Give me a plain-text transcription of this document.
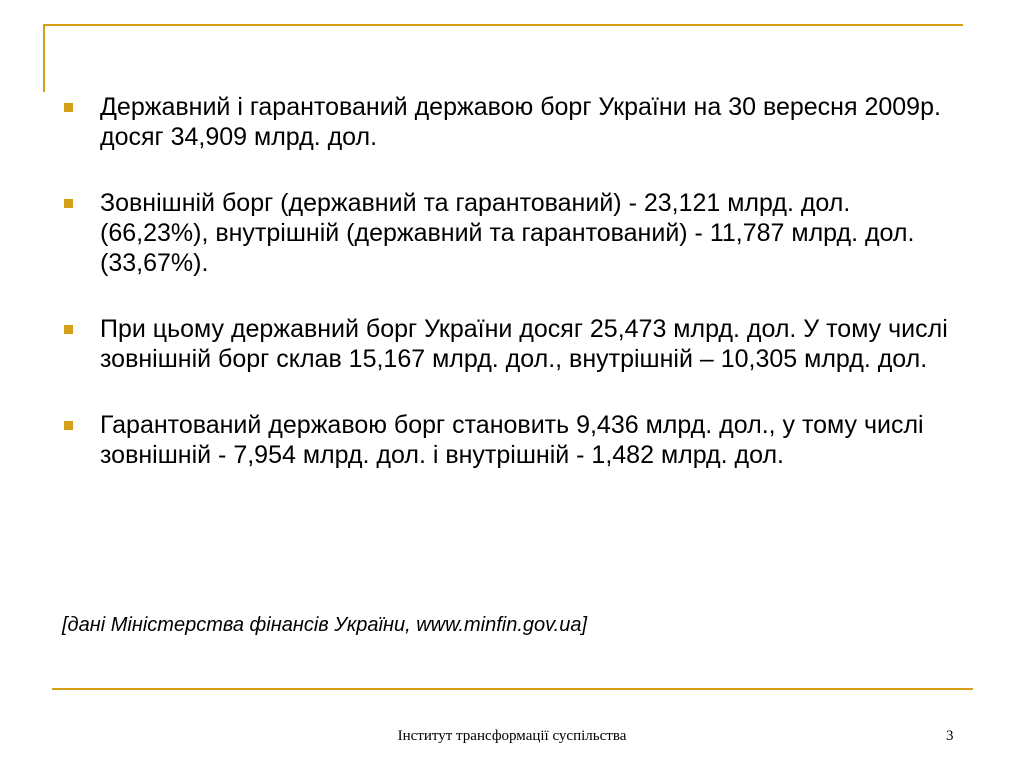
Державний і гарантований державою борг України на 30 вересня 2009р. досяг 34,909 млрд. дол.
Зовнішній борг (державний та гарантований) - 23,121 млрд. дол. (66,23%), внутрішній (державний та гарантований) - 11,787 млрд. дол. (33,67%).
При цьому державний борг України досяг 25,473 млрд. дол. У тому числі зовнішній борг склав 15,167 млрд. дол., внутрішній – 10,305 млрд. дол.
Гарантований державою борг становить 9,436 млрд. дол., у тому числі зовнішній - 7,954 млрд. дол. і внутрішній - 1,482 млрд. дол.
[дані Міністерства фінансів України, www.minfin.gov.ua]
Інститут трансформації суспільства	3
